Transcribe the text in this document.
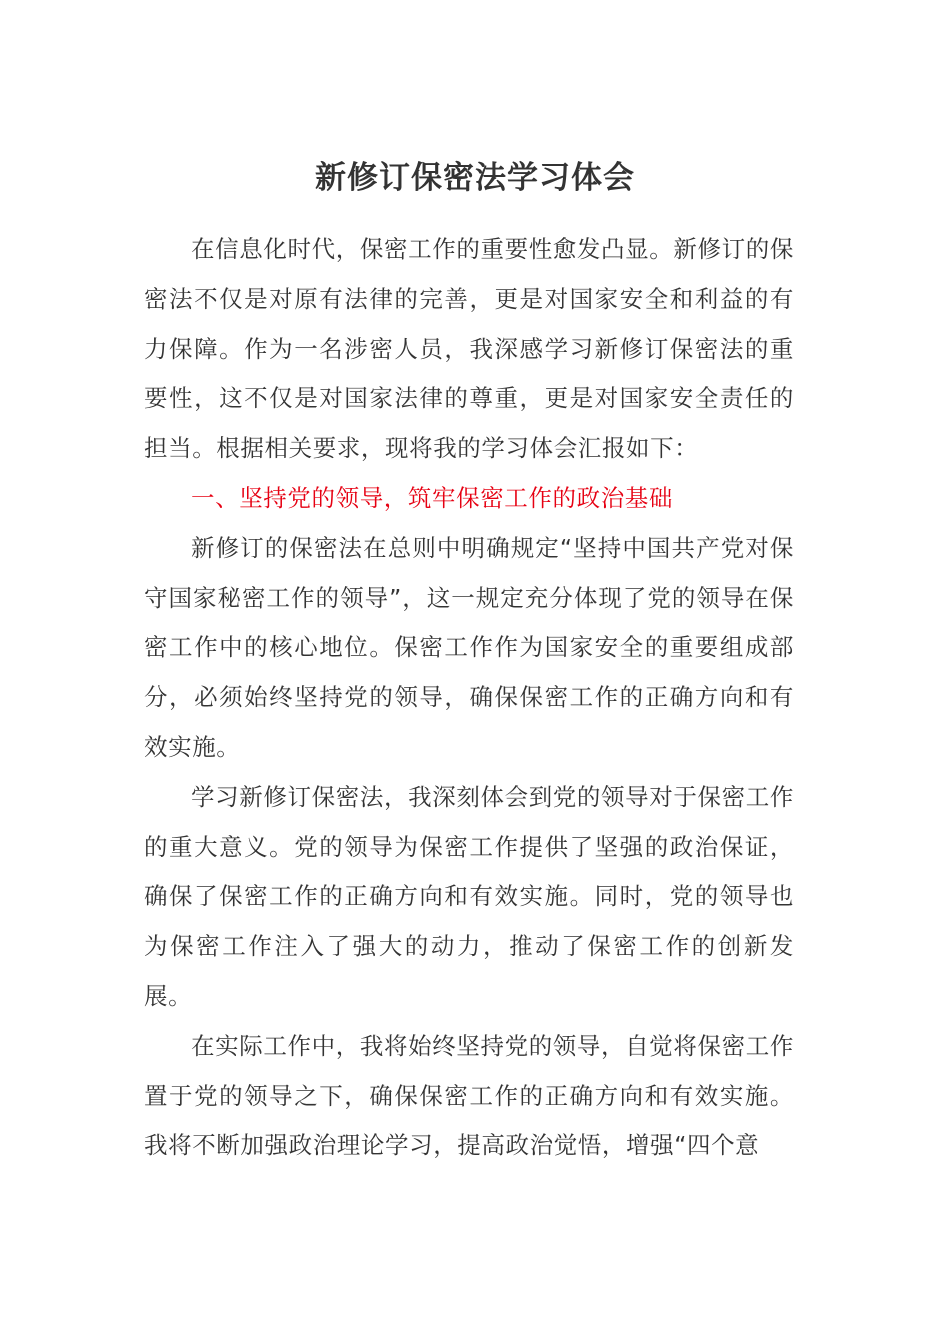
新修订保密法学习体会

在信息化时代，保密工作的重要性愈发凸显。新修订的保密法不仅是对原有法律的完善，更是对国家安全和利益的有力保障。作为一名涉密人员，我深感学习新修订保密法的重要性，这不仅是对国家法律的尊重，更是对国家安全责任的担当。根据相关要求，现将我的学习体会汇报如下：

一、坚持党的领导，筑牢保密工作的政治基础

新修订的保密法在总则中明确规定“坚持中国共产党对保守国家秘密工作的领导”，这一规定充分体现了党的领导在保密工作中的核心地位。保密工作作为国家安全的重要组成部分，必须始终坚持党的领导，确保保密工作的正确方向和有效实施。

学习新修订保密法，我深刻体会到党的领导对于保密工作的重大意义。党的领导为保密工作提供了坚强的政治保证，确保了保密工作的正确方向和有效实施。同时，党的领导也为保密工作注入了强大的动力，推动了保密工作的创新发展。

在实际工作中，我将始终坚持党的领导，自觉将保密工作置于党的领导之下，确保保密工作的正确方向和有效实施。我将不断加强政治理论学习，提高政治觉悟，增强“四个意
